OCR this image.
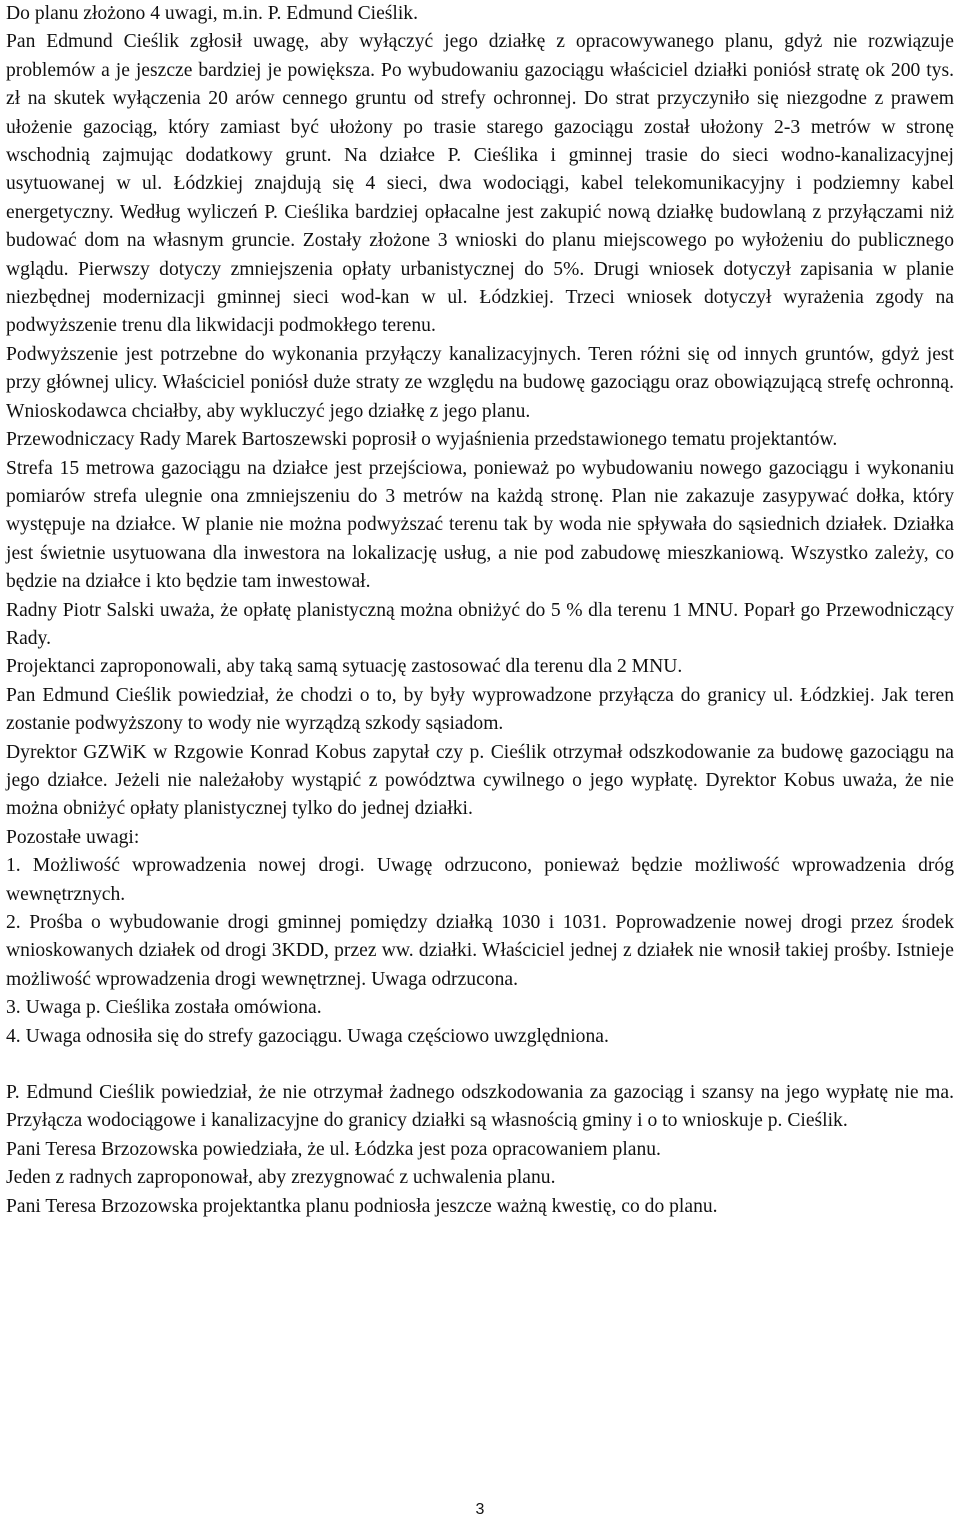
Do planu złożono 4 uwagi, m.in. P. Edmund Cieślik.

Pan Edmund Cieślik zgłosił uwagę, aby wyłączyć jego działkę z opracowywanego planu, gdyż nie rozwiązuje problemów a je jeszcze bardziej je powiększa. Po wybudowaniu gazociągu właściciel działki poniósł stratę ok 200 tys. zł na skutek wyłączenia 20 arów cennego gruntu od strefy ochronnej. Do strat przyczyniło się niezgodne z prawem ułożenie gazociąg, który zamiast być ułożony po trasie starego gazociągu został ułożony 2-3 metrów w stronę wschodnią zajmując dodatkowy grunt. Na działce P. Cieślika i gminnej trasie do sieci wodno-kanalizacyjnej usytuowanej w ul. Łódzkiej znajdują się 4 sieci, dwa wodociągi, kabel telekomunikacyjny i podziemny kabel energetyczny. Według wyliczeń P. Cieślika bardziej opłacalne jest zakupić nową działkę budowlaną z przyłączami niż budować dom na własnym gruncie. Zostały złożone 3 wnioski do planu miejscowego po wyłożeniu do publicznego wglądu. Pierwszy dotyczy zmniejszenia opłaty urbanistycznej do 5%. Drugi wniosek dotyczył zapisania w planie niezbędnej modernizacji gminnej sieci wod-kan w ul. Łódzkiej. Trzeci wniosek dotyczył wyrażenia zgody na podwyższenie trenu dla likwidacji podmokłego terenu.

Podwyższenie jest potrzebne do wykonania przyłączy kanalizacyjnych. Teren różni się od innych gruntów, gdyż jest przy głównej ulicy. Właściciel poniósł duże straty ze względu na budowę gazociągu oraz obowiązującą strefę ochronną. Wnioskodawca chciałby, aby wykluczyć jego działkę z jego planu.

Przewodniczacy Rady Marek Bartoszewski poprosił o wyjaśnienia przedstawionego tematu projektantów.

Strefa 15 metrowa gazociągu na działce jest przejściowa, ponieważ po wybudowaniu nowego gazociągu i wykonaniu pomiarów strefa ulegnie ona zmniejszeniu do 3 metrów na każdą stronę. Plan nie zakazuje zasypywać dołka, który występuje na działce. W planie nie można podwyższać terenu tak by woda nie spływała do sąsiednich działek. Działka jest świetnie usytuowana dla inwestora na lokalizację usług, a nie pod zabudowę mieszkaniową. Wszystko zależy, co będzie na działce i kto będzie tam inwestował.

Radny Piotr Salski uważa, że opłatę planistyczną można obniżyć do 5 % dla terenu 1 MNU. Poparł go Przewodniczący Rady.

Projektanci zaproponowali, aby taką samą sytuację zastosować dla terenu dla 2 MNU.

Pan Edmund Cieślik powiedział, że chodzi o to, by były wyprowadzone przyłącza do granicy ul. Łódzkiej. Jak teren zostanie podwyższony to wody nie wyrządzą szkody sąsiadom.

Dyrektor GZWiK w Rzgowie Konrad Kobus zapytał czy p. Cieślik otrzymał odszkodowanie za budowę gazociągu na jego działce. Jeżeli nie należałoby wystąpić z powództwa cywilnego o jego wypłatę. Dyrektor Kobus uważa, że nie można obniżyć opłaty planistycznej tylko do jednej działki.

Pozostałe uwagi:

1. Możliwość wprowadzenia nowej drogi. Uwagę odrzucono, ponieważ będzie możliwość wprowadzenia dróg wewnętrznych.

2. Prośba o wybudowanie drogi gminnej pomiędzy działką 1030 i 1031. Poprowadzenie nowej drogi przez środek wnioskowanych działek od drogi 3KDD, przez ww. działki. Właściciel jednej z działek nie wnosił takiej prośby. Istnieje możliwość wprowadzenia drogi wewnętrznej. Uwaga odrzucona.

3. Uwaga p. Cieślika została omówiona.

4. Uwaga odnosiła się do strefy gazociągu. Uwaga częściowo uwzględniona.

P. Edmund Cieślik powiedział, że nie otrzymał żadnego odszkodowania za gazociąg i szansy na jego wypłatę nie ma. Przyłącza wodociągowe i kanalizacyjne do granicy działki są własnością gminy i o to wnioskuje p. Cieślik.

Pani Teresa Brzozowska powiedziała, że ul. Łódzka jest poza opracowaniem planu.

Jeden z radnych zaproponował, aby zrezygnować z uchwalenia planu.

Pani Teresa Brzozowska projektantka planu podniosła jeszcze ważną kwestię, co do planu.

3
